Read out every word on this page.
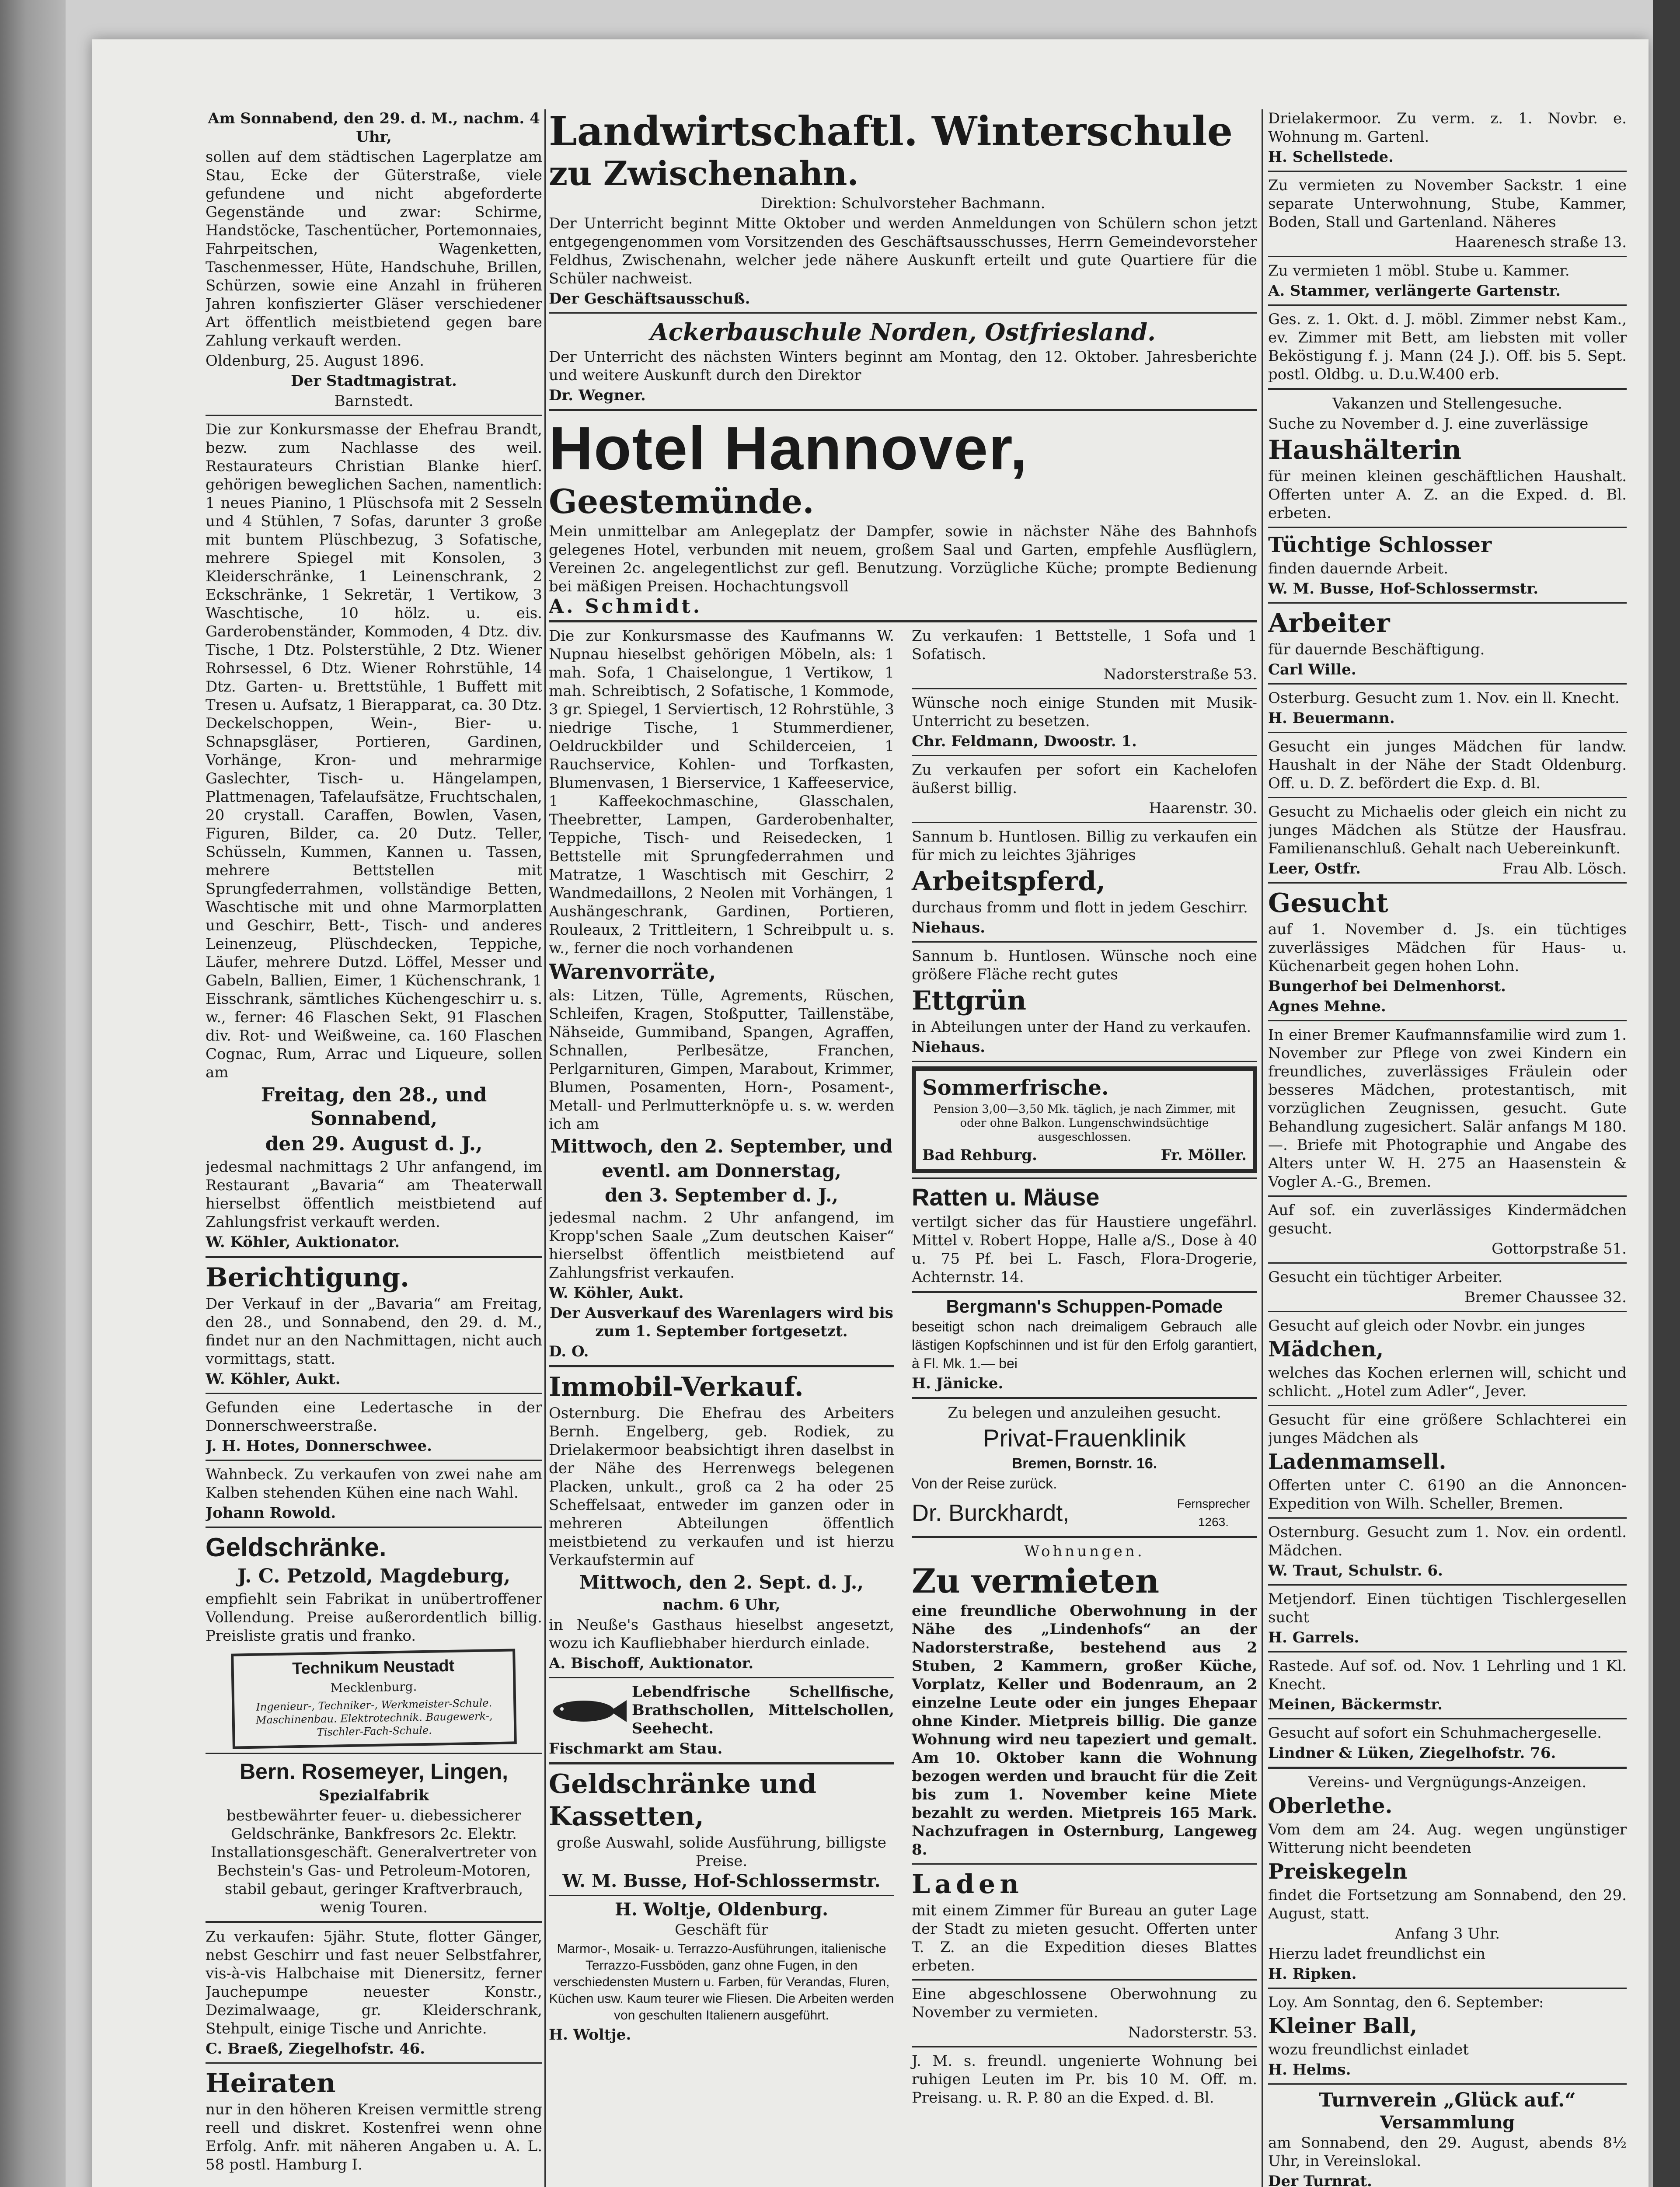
Am Sonnabend, den 29. d. M., nachm. 4 Uhr,

sollen auf dem städtischen Lagerplatze am Stau, Ecke der Güterstraße, viele gefundene und nicht abgeforderte Gegenstände und zwar: Schirme, Handstöcke, Taschentücher, Portemonnaies, Fahrpeitschen, Wagenketten, Taschenmesser, Hüte, Handschuhe, Brillen, Schürzen, sowie eine Anzahl in früheren Jahren konfiszierter Gläser verschiedener Art öffentlich meistbietend gegen bare Zahlung verkauft werden.

Oldenburg, 25. August 1896.

Der Stadtmagistrat.

Barnstedt.

Die zur Konkursmasse der Ehefrau Brandt, bezw. zum Nachlasse des weil. Restaurateurs Christian Blanke hierſ. gehörigen beweglichen Sachen, namentlich: 1 neues Pianino, 1 Plüschsofa mit 2 Sesseln und 4 Stühlen, 7 Sofas, darunter 3 große mit buntem Plüschbezug, 3 Sofatische, mehrere Spiegel mit Konsolen, 3 Kleiderschränke, 1 Leinenschrank, 2 Eckschränke, 1 Sekretär, 1 Vertikow, 3 Waschtische, 10 hölz. u. eis. Garderobenständer, Kommoden, 4 Dtz. div. Tische, 1 Dtz. Polsterstühle, 2 Dtz. Wiener Rohrsessel, 6 Dtz. Wiener Rohrstühle, 14 Dtz. Garten- u. Brettstühle, 1 Buffett mit Tresen u. Aufsatz, 1 Bierapparat, ca. 30 Dtz. Deckelschoppen, Wein-, Bier- u. Schnapsgläser, Portieren, Gardinen, Vorhänge, Kron- und mehrarmige Gaslechter, Tisch- u. Hängelampen, Plattmenagen, Tafelaufsätze, Fruchtschalen, 20 crystall. Caraffen, Bowlen, Vasen, Figuren, Bilder, ca. 20 Dutz. Teller, Schüsseln, Kummen, Kannen u. Tassen, mehrere Bettstellen mit Sprungfederrahmen, vollständige Betten, Waschtische mit und ohne Marmorplatten und Geschirr, Bett-, Tisch- und anderes Leinenzeug, Plüschdecken, Teppiche, Läufer, mehrere Dutzd. Löffel, Messer und Gabeln, Ballien, Eimer, 1 Küchenschrank, 1 Eisschrank, sämtliches Küchengeschirr u. s. w., ferner: 46 Flaschen Sekt, 91 Flaschen div. Rot- und Weißweine, ca. 160 Flaschen Cognac, Rum, Arrac und Liqueure, sollen am

Freitag, den 28., und Sonnabend,

den 29. August d. J.,

jedesmal nachmittags 2 Uhr anfangend, im Restaurant „Bavaria“ am Theaterwall hierselbst öffentlich meistbietend auf Zahlungsfrist verkauft werden.

W. Köhler, Auktionator.

Berichtigung.

Der Verkauf in der „Bavaria“ am Freitag, den 28., und Sonnabend, den 29. d. M., findet nur an den Nachmittagen, nicht auch vormittags, statt.

W. Köhler, Aukt.

Gefunden eine Ledertasche in der Donnerschweerstraße.

J. H. Hotes, Donnerschwee.

Wahnbeck. Zu verkaufen von zwei nahe am Kalben stehenden Kühen eine nach Wahl.

Johann Rowold.

Geldschränke.

J. C. Petzold, Magdeburg,

empfiehlt sein Fabrikat in unübertroffener Vollendung. Preise außerordentlich billig. Preisliste gratis und franko.

Technikum Neustadt

Mecklenburg.

Ingenieur-, Techniker-, Werkmeister-Schule. Maschinenbau. Elektrotechnik. Baugewerk-, Tischler-Fach-Schule.

Bern. Rosemeyer, Lingen,

Spezialfabrik

bestbewährter feuer- u. diebessicherer Geldschränke, Bankfresors 2c. Elektr. Installationsgeschäft. Generalvertreter von Bechstein's Gas- und Petroleum-Motoren, stabil gebaut, geringer Kraftverbrauch, wenig Touren.

Zu verkaufen: 5jähr. Stute, flotter Gänger, nebst Geschirr und fast neuer Selbstfahrer, vis-à-vis Halbchaise mit Dienersitz, ferner Jauchepumpe neuester Konstr., Dezimalwaage, gr. Kleiderschrank, Stehpult, einige Tische und Anrichte.

C. Braeß, Ziegelhofstr. 46.

Heiraten

nur in den höheren Kreisen vermittle streng reell und diskret. Kostenfrei wenn ohne Erfolg. Anfr. mit näheren Angaben u. A. L. 58 postl. Hamburg I.

Landwirtschaftl. Winterschule

zu Zwischenahn.

Direktion: Schulvorsteher Bachmann.

Der Unterricht beginnt Mitte Oktober und werden Anmeldungen von Schülern schon jetzt entgegengenommen vom Vorsitzenden des Geschäftsausschusses, Herrn Gemeindevorsteher Feldhus, Zwischenahn, welcher jede nähere Auskunft erteilt und gute Quartiere für die Schüler nachweist.

Der Geschäftsausschuß.

Ackerbauschule Norden, Ostfriesland.

Der Unterricht des nächsten Winters beginnt am Montag, den 12. Oktober. Jahresberichte und weitere Auskunft durch den Direktor

Dr. Wegner.

Hotel Hannover,

Geestemünde.

Mein unmittelbar am Anlegeplatz der Dampfer, sowie in nächster Nähe des Bahnhofs gelegenes Hotel, verbunden mit neuem, großem Saal und Garten, empfehle Ausflüglern, Vereinen 2c. angelegentlichst zur gefl. Benutzung. Vorzügliche Küche; prompte Bedienung bei mäßigen Preisen. Hochachtungsvoll

A. Schmidt.

Die zur Konkursmasse des Kaufmanns W. Nupnau hieselbst gehörigen Möbeln, als: 1 mah. Sofa, 1 Chaiselongue, 1 Vertikow, 1 mah. Schreibtisch, 2 Sofatische, 1 Kommode, 3 gr. Spiegel, 1 Serviertisch, 12 Rohrstühle, 3 niedrige Tische, 1 Stummerdiener, Oeldruckbilder und Schilderceien, 1 Rauchservice, Kohlen- und Torfkasten, Blumenvasen, 1 Bierservice, 1 Kaffeeservice, 1 Kaffeekochmaschine, Glasschalen, Theebretter, Lampen, Garderobenhalter, Teppiche, Tisch- und Reisedecken, 1 Bettstelle mit Sprungfederrahmen und Matratze, 1 Waschtisch mit Geschirr, 2 Wandmedaillons, 2 Neolen mit Vorhängen, 1 Aushängeschrank, Gardinen, Portieren, Rouleaux, 2 Trittleitern, 1 Schreibpult u. s. w., ferner die noch vorhandenen

Warenvorräte,

als: Litzen, Tülle, Agrements, Rüschen, Schleifen, Kragen, Stoßputter, Taillenstäbe, Nähseide, Gummiband, Spangen, Agraffen, Schnallen, Perlbesätze, Franchen, Perlgarnituren, Gimpen, Marabout, Krimmer, Blumen, Posamenten, Horn-, Posament-, Metall- und Perlmutterknöpfe u. s. w. werden ich am

Mittwoch, den 2. September, und

eventl. am Donnerstag,

den 3. September d. J.,

jedesmal nachm. 2 Uhr anfangend, im Kropp'schen Saale „Zum deutschen Kaiser“ hierselbst öffentlich meistbietend auf Zahlungsfrist verkaufen.

W. Köhler, Aukt.

Der Ausverkauf des Warenlagers wird bis zum 1. September fortgesetzt.

D. O.

Immobil-Verkauf.

Osternburg. Die Ehefrau des Arbeiters Bernh. Engelberg, geb. Rodiek, zu Drielakermoor beabsichtigt ihren daselbst in der Nähe des Herrenwegs belegenen Placken, unkult., groß ca 2 ha oder 25 Scheffelsaat, entweder im ganzen oder in mehreren Abteilungen öffentlich meistbietend zu verkaufen und ist hierzu Verkaufstermin auf

Mittwoch, den 2. Sept. d. J.,

nachm. 6 Uhr,

in Neuße's Gasthaus hieselbst angesetzt, wozu ich Kaufliebhaber hierdurch einlade.

A. Bischoff, Auktionator.

Lebendfrische Schellfische, Brathschollen, Mittelschollen, Seehecht.

Fischmarkt am Stau.

Geldschränke und

Kassetten,

große Auswahl, solide Ausführung, billigste Preise.

W. M. Busse, Hof-Schlossermstr.

H. Woltje, Oldenburg.

Geschäft für

Marmor-, Mosaik- u. Terrazzo-Ausführungen, italienische Terrazzo-Fussböden, ganz ohne Fugen, in den verschiedensten Mustern u. Farben, für Verandas, Fluren, Küchen usw. Kaum teurer wie Fliesen. Die Arbeiten werden von geschulten Italienern ausgeführt.

H. Woltje.

Zu verkaufen: 1 Bettstelle, 1 Sofa und 1 Sofatisch.

Nadorsterstraße 53.

Wünsche noch einige Stunden mit Musik-Unterricht zu besetzen.

Chr. Feldmann, Dwoostr. 1.

Zu verkaufen per sofort ein Kachelofen äußerst billig.

Haarenstr. 30.

Sannum b. Huntlosen. Billig zu verkaufen ein für mich zu leichtes 3jähriges

Arbeitspferd,

durchaus fromm und flott in jedem Geschirr.

Niehaus.

Sannum b. Huntlosen. Wünsche noch eine größere Fläche recht gutes

Ettgrün

in Abteilungen unter der Hand zu verkaufen.

Niehaus.

Sommerfrische.

Pension 3,00—3,50 Mk. täglich, je nach Zimmer, mit oder ohne Balkon. Lungenschwindsüchtige ausgeschlossen.

Bad Rehburg.	Fr. Möller.

Ratten u. Mäuse

vertilgt sicher das für Haustiere ungefährl. Mittel v. Robert Hoppe, Halle a/S., Dose à 40 u. 75 Pf. bei L. Fasch, Flora-Drogerie, Achternstr. 14.

Bergmann's Schuppen-Pomade

beseitigt schon nach dreimaligem Gebrauch alle lästigen Kopfschinnen und ist für den Erfolg garantiert, à Fl. Mk. 1.— bei

H. Jänicke.

Zu belegen und anzuleihen gesucht.

Privat-Frauenklinik

Bremen, Bornstr. 16.

Von der Reise zurück.

Dr. Burckhardt,	Fernsprecher 1263.

Wohnungen.

Zu vermieten

eine freundliche Oberwohnung in der Nähe des „Lindenhofs“ an der Nadorsterstraße, bestehend aus 2 Stuben, 2 Kammern, großer Küche, Vorplatz, Keller und Bodenraum, an 2 einzelne Leute oder ein junges Ehepaar ohne Kinder. Mietpreis billig. Die ganze Wohnung wird neu tapeziert und gemalt. Am 10. Oktober kann die Wohnung bezogen werden und braucht für die Zeit bis zum 1. November keine Miete bezahlt zu werden. Mietpreis 165 Mark. Nachzufragen in Osternburg, Langeweg 8.

Laden

mit einem Zimmer für Bureau an guter Lage der Stadt zu mieten gesucht. Offerten unter T. Z. an die Expedition dieses Blattes erbeten.

Eine abgeschlossene Oberwohnung zu November zu vermieten.

Nadorsterstr. 53.

J. M. s. freundl. ungenierte Wohnung bei ruhigen Leuten im Pr. bis 10 M. Off. m. Preisang. u. R. P. 80 an die Exped. d. Bl.

Drielakermoor. Zu verm. z. 1. Novbr. e. Wohnung m. Gartenl.

H. Schellstede.

Zu vermieten zu November Sackstr. 1 eine separate Unterwohnung, Stube, Kammer, Boden, Stall und Gartenland. Näheres

Haarenesch straße 13.

Zu vermieten 1 möbl. Stube u. Kammer.

A. Stammer, verlängerte Gartenstr.

Ges. z. 1. Okt. d. J. möbl. Zimmer nebst Kam., ev. Zimmer mit Bett, am liebsten mit voller Beköstigung f. j. Mann (24 J.). Off. bis 5. Sept. postl. Oldbg. u. D.u.W.400 erb.

Vakanzen und Stellengesuche.

Suche zu November d. J. eine zuverlässige

Haushälterin

für meinen kleinen geschäftlichen Haushalt. Offerten unter A. Z. an die Exped. d. Bl. erbeten.

Tüchtige Schlosser

finden dauernde Arbeit.

W. M. Busse, Hof-Schlossermstr.

Arbeiter

für dauernde Beschäftigung.

Carl Wille.

Osterburg. Gesucht zum 1. Nov. ein ll. Knecht.

H. Beuermann.

Gesucht ein junges Mädchen für landw. Haushalt in der Nähe der Stadt Oldenburg. Off. u. D. Z. befördert die Exp. d. Bl.

Gesucht zu Michaelis oder gleich ein nicht zu junges Mädchen als Stütze der Hausfrau. Familienanschluß. Gehalt nach Uebereinkunft.

Leer, Ostfr.	Frau Alb. Lösch.

Gesucht

auf 1. November d. Js. ein tüchtiges zuverlässiges Mädchen für Haus- u. Küchenarbeit gegen hohen Lohn.

Bungerhof bei Delmenhorst.

Agnes Mehne.

In einer Bremer Kaufmannsfamilie wird zum 1. November zur Pflege von zwei Kindern ein freundliches, zuverlässiges Fräulein oder besseres Mädchen, protestantisch, mit vorzüglichen Zeugnissen, gesucht. Gute Behandlung zugesichert. Salär anfangs M 180.—. Briefe mit Photographie und Angabe des Alters unter W. H. 275 an Haasenstein & Vogler A.-G., Bremen.

Auf sof. ein zuverlässiges Kindermädchen gesucht.

Gottorpstraße 51.

Gesucht ein tüchtiger Arbeiter.

Bremer Chaussee 32.

Gesucht auf gleich oder Novbr. ein junges

Mädchen,

welches das Kochen erlernen will, schicht und schlicht. „Hotel zum Adler“, Jever.

Gesucht für eine größere Schlachterei ein junges Mädchen als

Ladenmamsell.

Offerten unter C. 6190 an die Annoncen-Expedition von Wilh. Scheller, Bremen.

Osternburg. Gesucht zum 1. Nov. ein ordentl. Mädchen.

W. Traut, Schulstr. 6.

Metjendorf. Einen tüchtigen Tischlergesellen sucht

H. Garrels.

Rastede. Auf sof. od. Nov. 1 Lehrling und 1 Kl. Knecht.

Meinen, Bäckermstr.

Gesucht auf sofort ein Schuhmachergeselle.

Lindner & Lüken, Ziegelhofstr. 76.

Vereins- und Vergnügungs-Anzeigen.

Oberlethe.

Vom dem am 24. Aug. wegen ungünstiger Witterung nicht beendeten

Preiskegeln

findet die Fortsetzung am Sonnabend, den 29. August, statt.

Anfang 3 Uhr.

Hierzu ladet freundlichst ein

H. Ripken.

Loy. Am Sonntag, den 6. September:

Kleiner Ball,

wozu freundlichst einladet

H. Helms.

Turnverein „Glück auf.“

Versammlung

am Sonnabend, den 29. August, abends 8½ Uhr, in Vereinslokal.

Der Turnrat.
